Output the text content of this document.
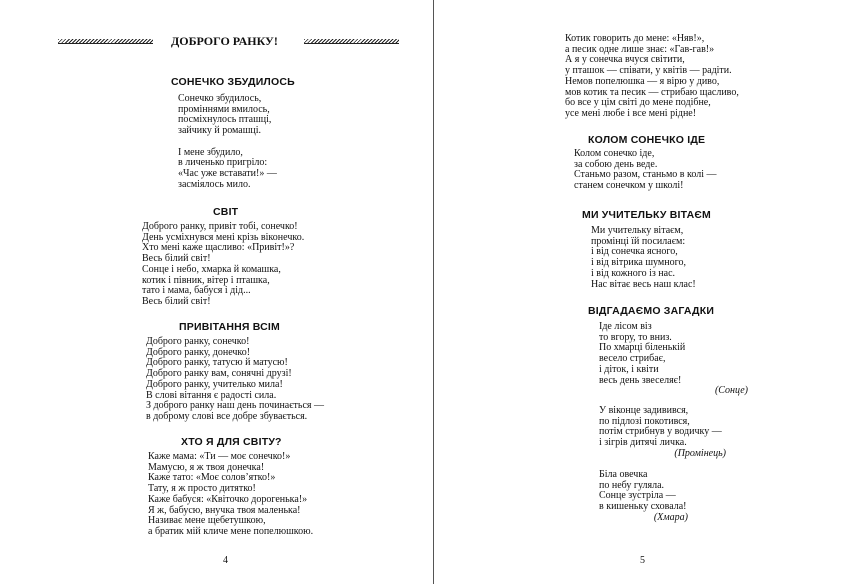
ДОБРОГО РАНКУ!
СОНЕЧКО ЗБУДИЛОСЬ
Сонечко збудилось,
проміннями вмилось,
посміхнулось пташці,
зайчику й ромашці.
І мене збудило,
в личенько пригріло:
«Час уже вставати!» —
засміялось мило.
СВІТ
Доброго ранку, привіт тобі, сонечко!
День усміхнувся мені крізь віконечко.
Хто мені каже щасливо: «Привіт!»?
Весь білий світ!
Сонце і небо, хмарка й комашка,
котик і півник, вітер і пташка,
тато і мама, бабуся і дід...
Весь білий світ!
ПРИВІТАННЯ ВСІМ
Доброго ранку, сонечко!
Доброго ранку, донечко!
Доброго ранку, татусю й матусю!
Доброго ранку вам, сонячні друзі!
Доброго ранку, учителько мила!
В слові вітання є радості сила.
З доброго ранку наш день починається —
в доброму слові все добре збувається.
ХТО Я ДЛЯ СВІТУ?
Каже мама: «Ти — моє сонечко!»
Мамусю, я ж твоя донечка!
Каже тато: «Моє соловʼятко!»
Тату, я ж просто дитятко!
Каже бабуся: «Квіточко дорогенька!»
Я ж, бабусю, внучка твоя маленька!
Називає мене щебетушкою,
а братик мій кличе мене попелюшкою.
4
Котик говорить до мене: «Няв!»,
а песик одне лише знає: «Гав-гав!»
А я у сонечка вчуся світити,
у пташок — співати, у квітів — радіти.
Немов попелюшка — я вірю у диво,
мов котик та песик — стрибаю щасливо,
бо все у цім світі до мене подібне,
усе мені любе і все мені рідне!
КОЛОМ СОНЕЧКО ІДЕ
Колом сонечко іде,
за собою день веде.
Станьмо разом, станьмо в колі —
станем сонечком у школі!
МИ УЧИТЕЛЬКУ ВІТАЄМ
Ми учительку вітаєм,
промінці їй посилаєм:
і від сонечка ясного,
і від вітрика шумного,
і від кожного із нас.
Нас вітає весь наш клас!
ВІДГАДАЄМО ЗАГАДКИ
Іде лісом віз
то вгору, то вниз.
По хмарці біленькій
весело стрибає,
і діток, і квіти
весь день звеселяє!
(Сонце)
У віконце задивився,
по підлозі покотився,
потім стрибнув у водичку —
і зігрів дитячі личка.
(Промінець)
Біла овечка
по небу гуляла.
Сонце зустріла —
в кишеньку сховала!
(Хмара)
5
